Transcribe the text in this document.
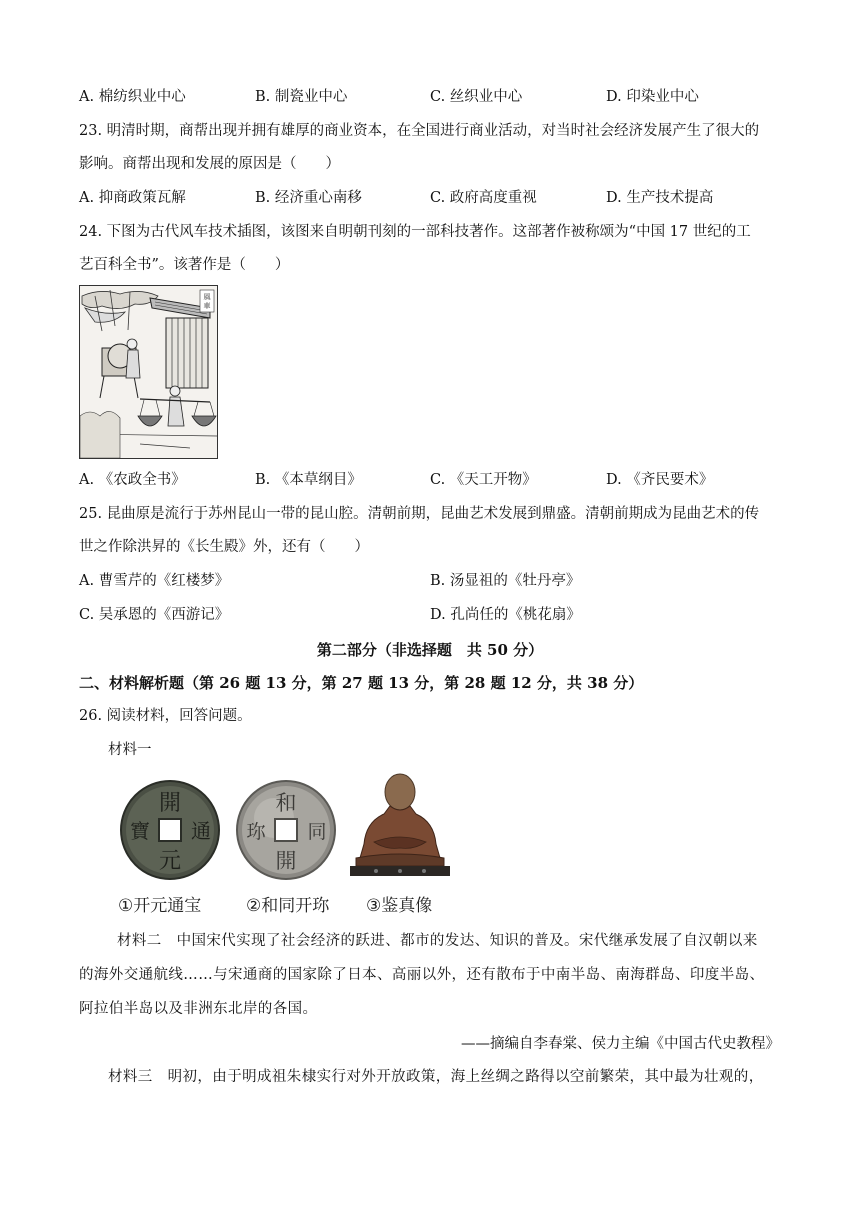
A. 棉纺织业中心	B. 制瓷业中心	C. 丝织业中心	D. 印染业中心
23. 明清时期，商帮出现并拥有雄厚的商业资本，在全国进行商业活动，对当时社会经济发展产生了很大的
影响。商帮出现和发展的原因是（　　）
A. 抑商政策瓦解	B. 经济重心南移	C. 政府高度重视	D. 生产技术提高
24. 下图为古代风车技术插图，该图来自明朝刊刻的一部科技著作。这部著作被称颂为“中国 17 世纪的工
艺百科全书”。该著作是（　　）
風
車
A. 《农政全书》	B. 《本草纲目》	C. 《天工开物》	D. 《齐民要术》
25. 昆曲原是流行于苏州昆山一带的昆山腔。清朝前期，昆曲艺术发展到鼎盛。清朝前期成为昆曲艺术的传
世之作除洪昇的《长生殿》外，还有（　　）
A. 曹雪芹的《红楼梦》	B. 汤显祖的《牡丹亭》
C. 吴承恩的《西游记》	D. 孔尚任的《桃花扇》
第二部分（非选择题　共 50 分）
二、材料解析题（第 26 题 13 分，第 27 题 13 分，第 28 题 12 分，共 38 分）
26. 阅读材料，回答问题。
材料一
開
通
元
寶
和
同
開
珎
①开元通宝	②和同开珎 ③鉴真像
材料二　中国宋代实现了社会经济的跃进、都市的发达、知识的普及。宋代继承发展了自汉朝以来
的海外交通航线……与宋通商的国家除了日本、高丽以外，还有散布于中南半岛、南海群岛、印度半岛、
阿拉伯半岛以及非洲东北岸的各国。
——摘编自李春棠、侯力主编《中国古代史教程》
材料三　明初，由于明成祖朱棣实行对外开放政策，海上丝绸之路得以空前繁荣，其中最为壮观的，
